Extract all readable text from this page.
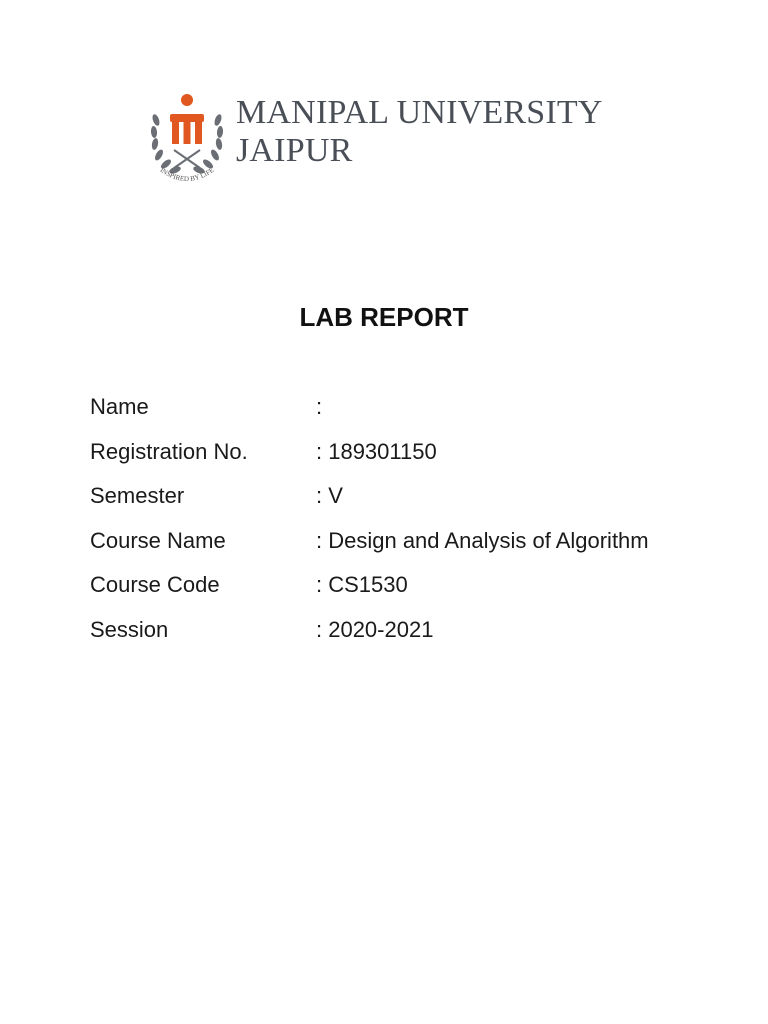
INSPIRED BY LIFE
MANIPAL UNIVERSITY
JAIPUR
LAB REPORT
Name	:
Registration No.	: 189301150
Semester	: V
Course Name	: Design and Analysis of Algorithm
Course Code	: CS1530
Session	: 2020-2021
